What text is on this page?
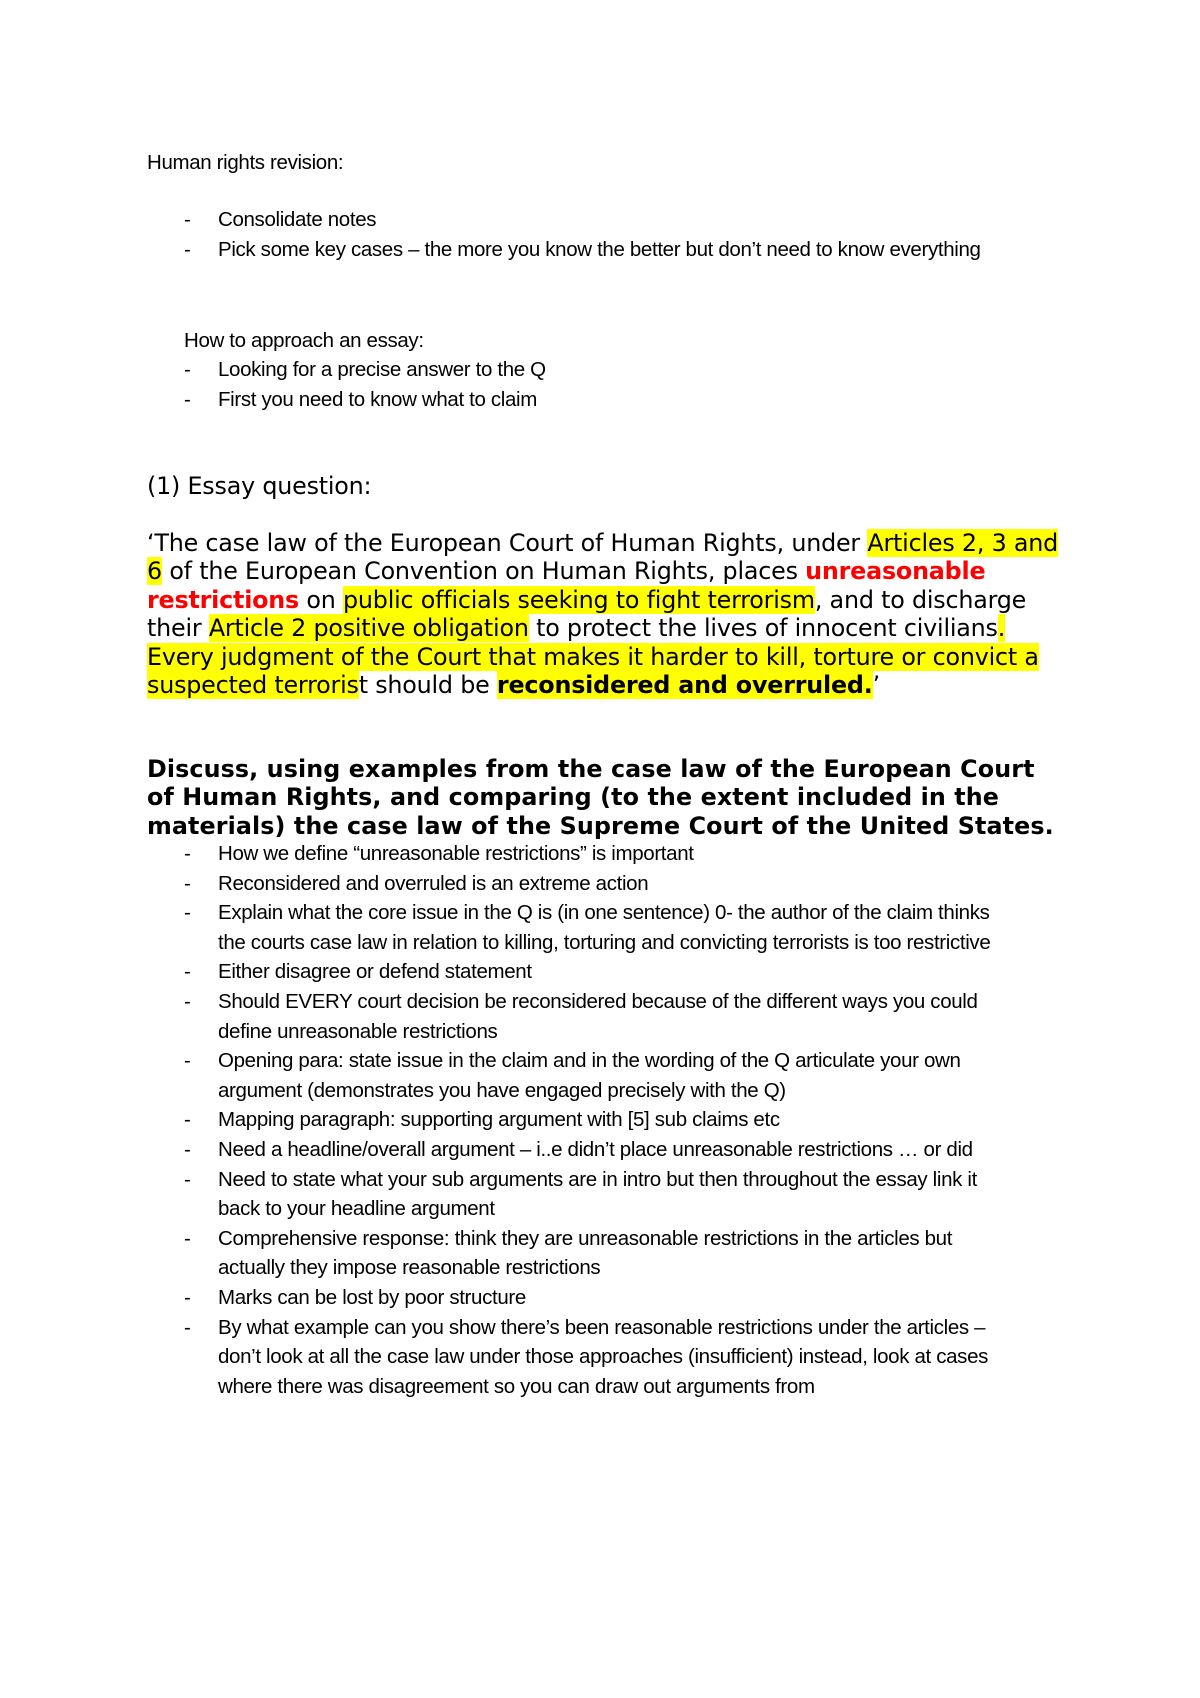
Human rights revision:

- Consolidate notes
- Pick some key cases – the more you know the better but don’t need to know everything

How to approach an essay:

- Looking for a precise answer to the Q
- First you need to know what to claim

(1) Essay question:

‘The case law of the European Court of Human Rights, under Articles 2, 3 and 6 of the European Convention on Human Rights, places unreasonable restrictions on public officials seeking to fight terrorism, and to discharge their Article 2 positive obligation to protect the lives of innocent civilians. Every judgment of the Court that makes it harder to kill, torture or convict a suspected terrorist should be reconsidered and overruled.’

Discuss, using examples from the case law of the European Court of Human Rights, and comparing (to the extent included in the materials) the case law of the Supreme Court of the United States.

- How we define “unreasonable restrictions” is important
- Reconsidered and overruled is an extreme action
- Explain what the core issue in the Q is (in one sentence) 0- the author of the claim thinks the courts case law in relation to killing, torturing and convicting terrorists is too restrictive
- Either disagree or defend statement
- Should EVERY court decision be reconsidered because of the different ways you could define unreasonable restrictions
- Opening para: state issue in the claim and in the wording of the Q articulate your own argument (demonstrates you have engaged precisely with the Q)
- Mapping paragraph: supporting argument with [5] sub claims etc
- Need a headline/overall argument – i..e didn’t place unreasonable restrictions … or did
- Need to state what your sub arguments are in intro but then throughout the essay link it back to your headline argument
- Comprehensive response: think they are unreasonable restrictions in the articles but actually they impose reasonable restrictions
- Marks can be lost by poor structure
- By what example can you show there’s been reasonable restrictions under the articles – don’t look at all the case law under those approaches (insufficient) instead, look at cases where there was disagreement so you can draw out arguments from
